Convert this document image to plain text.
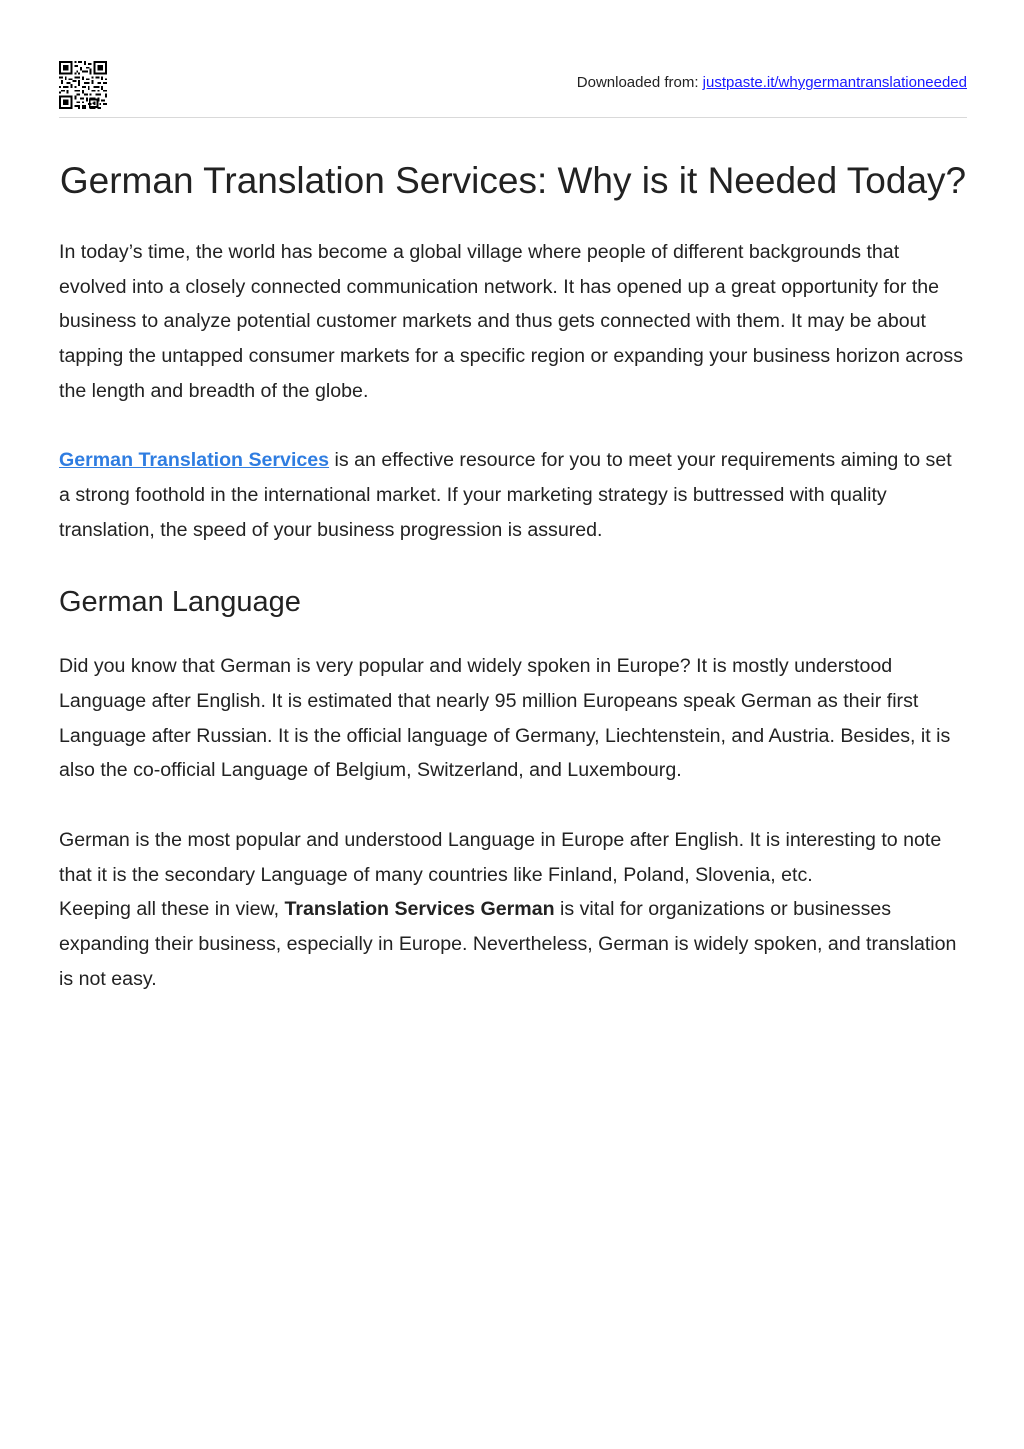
Downloaded from: justpaste.it/whygermantranslationeeded
German Translation Services: Why is it Needed Today?

In today’s time, the world has become a global village where people of different backgrounds that evolved into a closely connected communication network. It has opened up a great opportunity for the business to analyze potential customer markets and thus gets connected with them. It may be about tapping the untapped consumer markets for a specific region or expanding your business horizon across the length and breadth of the globe.

German Translation Services is an effective resource for you to meet your requirements aiming to set a strong foothold in the international market. If your marketing strategy is buttressed with quality translation, the speed of your business progression is assured.

German Language

Did you know that German is very popular and widely spoken in Europe? It is mostly understood Language after English. It is estimated that nearly 95 million Europeans speak German as their first Language after Russian. It is the official language of Germany, Liechtenstein, and Austria. Besides, it is also the co-official Language of Belgium, Switzerland, and Luxembourg.

German is the most popular and understood Language in Europe after English. It is interesting to note that it is the secondary Language of many countries like Finland, Poland, Slovenia, etc.

Keeping all these in view, Translation Services German is vital for organizations or businesses expanding their business, especially in Europe. Nevertheless, German is widely spoken, and translation is not easy.
